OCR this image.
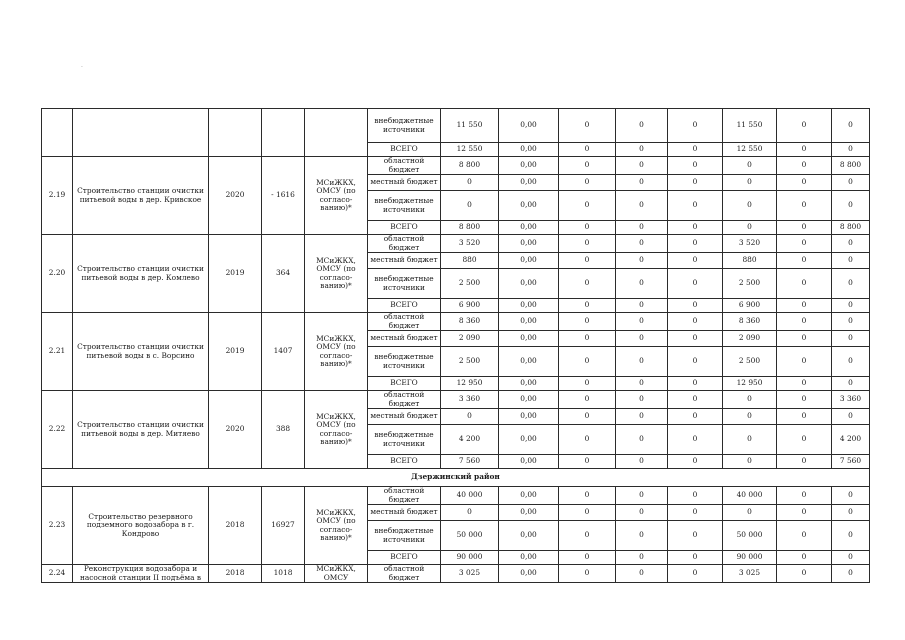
.
					внебюджетные источники	11 550	0,00	0	0	0	11 550	0	0
					ВСЕГО	12 550	0,00	0	0	0	12 550	0	0
2.19	Строительство станции очистки питьевой воды в дер. Кривское	2020	- 1616	МСиЖКХ, ОМСУ (по согласо-ванию)*	областной бюджет	8 800	0,00	0	0	0	0	0	8 800
					местный бюджет	0	0,00	0	0	0	0	0	0
					внебюджетные источники	0	0,00	0	0	0	0	0	0
					ВСЕГО	8 800	0,00	0	0	0	0	0	8 800
2.20	Строительство станции очистки питьевой воды в дер. Комлево	2019	364	МСиЖКХ, ОМСУ (по согласо-ванию)*	областной бюджет	3 520	0,00	0	0	0	3 520	0	0
					местный бюджет	880	0,00	0	0	0	880	0	0
					внебюджетные источники	2 500	0,00	0	0	0	2 500	0	0
					ВСЕГО	6 900	0,00	0	0	0	6 900	0	0
2.21	Строительство станции очистки питьевой воды в с. Ворсино	2019	1407	МСиЖКХ, ОМСУ (по согласо-ванию)*	областной бюджет	8 360	0,00	0	0	0	8 360	0	0
					местный бюджет	2 090	0,00	0	0	0	2 090	0	0
					внебюджетные источники	2 500	0,00	0	0	0	2 500	0	0
					ВСЕГО	12 950	0,00	0	0	0	12 950	0	0
2.22	Строительство станции очистки питьевой воды в дер. Митяево	2020	388	МСиЖКХ, ОМСУ (по согласо-ванию)*	областной бюджет	3 360	0,00	0	0	0	0	0	3 360
					местный бюджет	0	0,00	0	0	0	0	0	0
					внебюджетные источники	4 200	0,00	0	0	0	0	0	4 200
					ВСЕГО	7 560	0,00	0	0	0	0	0	7 560
Дзержинский район													
2.23	Строительство резервного подземного водозабора в г. Кондрово	2018	16927	МСиЖКХ, ОМСУ (по согласо-ванию)*	областной бюджет	40 000	0,00	0	0	0	40 000	0	0
					местный бюджет	0	0,00	0	0	0	0	0	0
					внебюджетные источники	50 000	0,00	0	0	0	50 000	0	0
					ВСЕГО	90 000	0,00	0	0	0	90 000	0	0
2.24	Реконструкция водозабора и насосной станции II подъёма в	2018	1018	МСиЖКХ, ОМСУ	областной бюджет	3 025	0,00	0	0	0	3 025	0	0
